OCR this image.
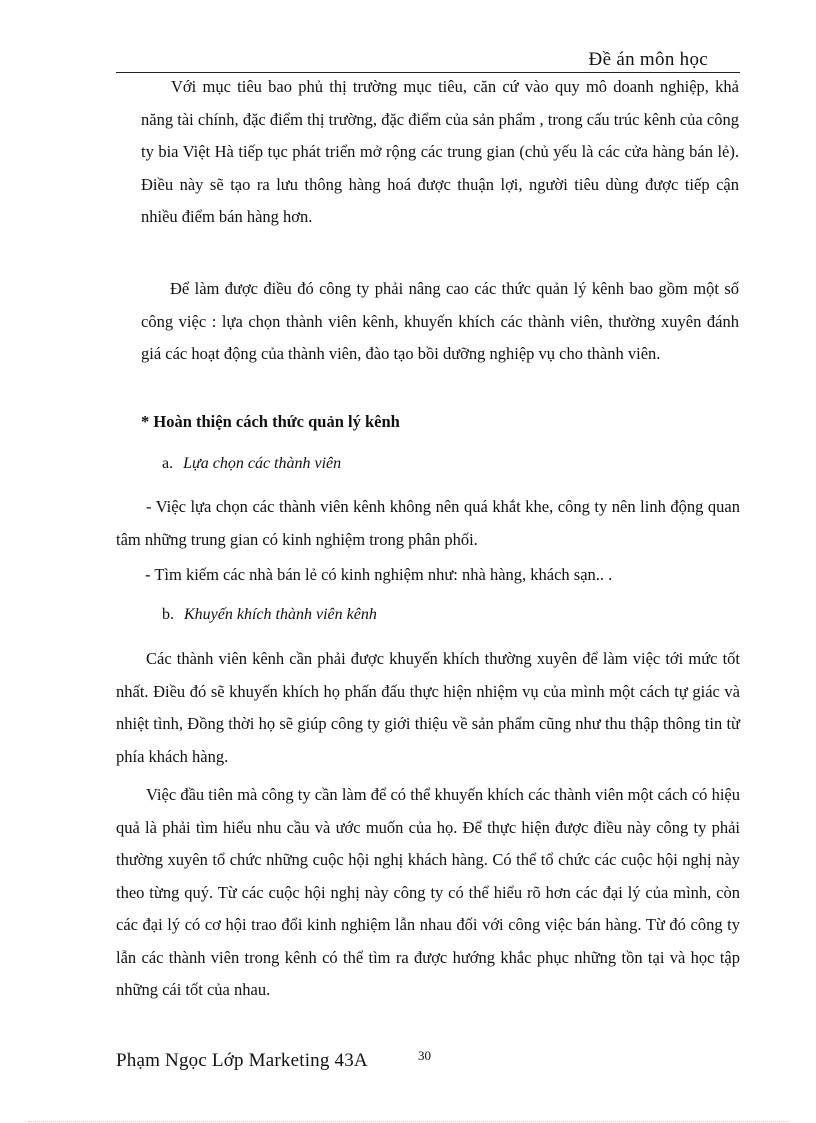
Đề án môn học

Với mục tiêu bao phủ thị trường mục tiêu, căn cứ vào quy mô doanh nghiệp, khả năng tài chính, đặc điểm thị trường, đặc điểm của sản phẩm , trong cấu trúc kênh của công ty bia Việt Hà tiếp tục phát triển mở rộng các trung gian (chủ yếu là các cửa hàng bán lẻ). Điều này sẽ tạo ra lưu thông hàng hoá được thuận lợi, người tiêu dùng được tiếp cận nhiều điểm bán hàng hơn.

Để làm được điều đó công ty phải nâng cao các thức quản lý kênh bao gồm một số công việc : lựa chọn thành viên kênh, khuyến khích các thành viên, thường xuyên đánh giá các hoạt động của thành viên, đào tạo bồi dưỡng nghiệp vụ cho thành viên.

* Hoàn thiện cách thức quản lý kênh

a. Lựa chọn các thành viên

- Việc lựa chọn các thành viên kênh không nên quá khắt khe, công ty nên linh động quan tâm những trung gian có kinh nghiệm trong phân phối.

- Tìm kiếm các nhà bán lẻ có kinh nghiệm như: nhà hàng, khách sạn.. .

b. Khuyến khích thành viên kênh

Các thành viên kênh cần phải được khuyến khích thường xuyên để làm việc tới mức tốt nhất. Điều đó sẽ khuyến khích họ phấn đấu thực hiện nhiệm vụ của mình một cách tự giác và nhiệt tình, Đồng thời họ sẽ giúp công ty giới thiệu về sản phẩm cũng như thu thập thông tin từ phía khách hàng.

Việc đầu tiên mà công ty cần làm để có thể khuyến khích các thành viên một cách có hiệu quả là phải tìm hiểu nhu cầu và ước muốn của họ. Để thực hiện được điều này công ty phải thường xuyên tổ chức những cuộc hội nghị khách hàng. Có thể tổ chức các cuộc hội nghị này theo từng quý. Từ các cuộc hội nghị này công ty có thể hiểu rõ hơn các đại lý của mình, còn các đại lý có cơ hội trao đổi kinh nghiệm lẫn nhau đối với công việc bán hàng. Từ đó công ty lẫn các thành viên trong kênh có thể tìm ra được hướng khắc phục những tồn tại và học tập những cái tốt của nhau.

Phạm Ngọc Lớp Marketing 43A	30
